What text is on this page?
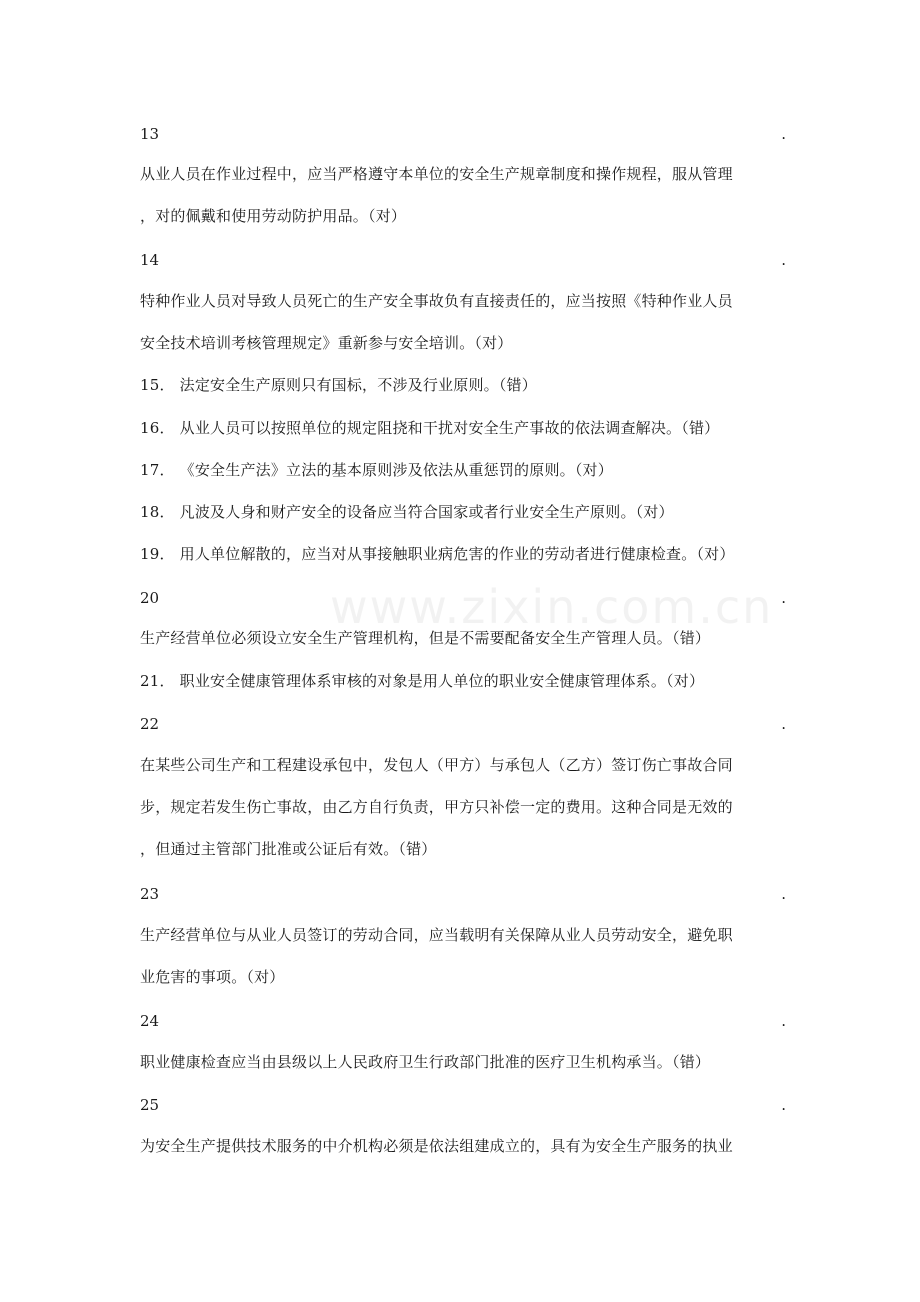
www.zixin.com.cn
13	.
从业人员在作业过程中，应当严格遵守本单位的安全生产规章制度和操作规程，服从管理
，对的佩戴和使用劳动防护用品。（对）
14	.
特种作业人员对导致人员死亡的生产安全事故负有直接责任的，应当按照《特种作业人员
安全技术培训考核管理规定》重新参与安全培训。（对）
15． 法定安全生产原则只有国标，不涉及行业原则。（错）
16． 从业人员可以按照单位的规定阻挠和干扰对安全生产事故的依法调查解决。（错）
17． 《安全生产法》立法的基本原则涉及依法从重惩罚的原则。（对）
18． 凡波及人身和财产安全的设备应当符合国家或者行业安全生产原则。（对）
19． 用人单位解散的，应当对从事接触职业病危害的作业的劳动者进行健康检查。（对）
20	.
生产经营单位必须设立安全生产管理机构，但是不需要配备安全生产管理人员。（错）
21． 职业安全健康管理体系审核的对象是用人单位的职业安全健康管理体系。（对）
22	.
在某些公司生产和工程建设承包中，发包人（甲方）与承包人（乙方）签订伤亡事故合同
步，规定若发生伤亡事故，由乙方自行负责，甲方只补偿一定的费用。这种合同是无效的
，但通过主管部门批准或公证后有效。（错）
23	.
生产经营单位与从业人员签订的劳动合同，应当载明有关保障从业人员劳动安全，避免职
业危害的事项。（对）
24	.
职业健康检查应当由县级以上人民政府卫生行政部门批准的医疗卫生机构承当。（错）
25	.
为安全生产提供技术服务的中介机构必须是依法组建成立的，具有为安全生产服务的执业
